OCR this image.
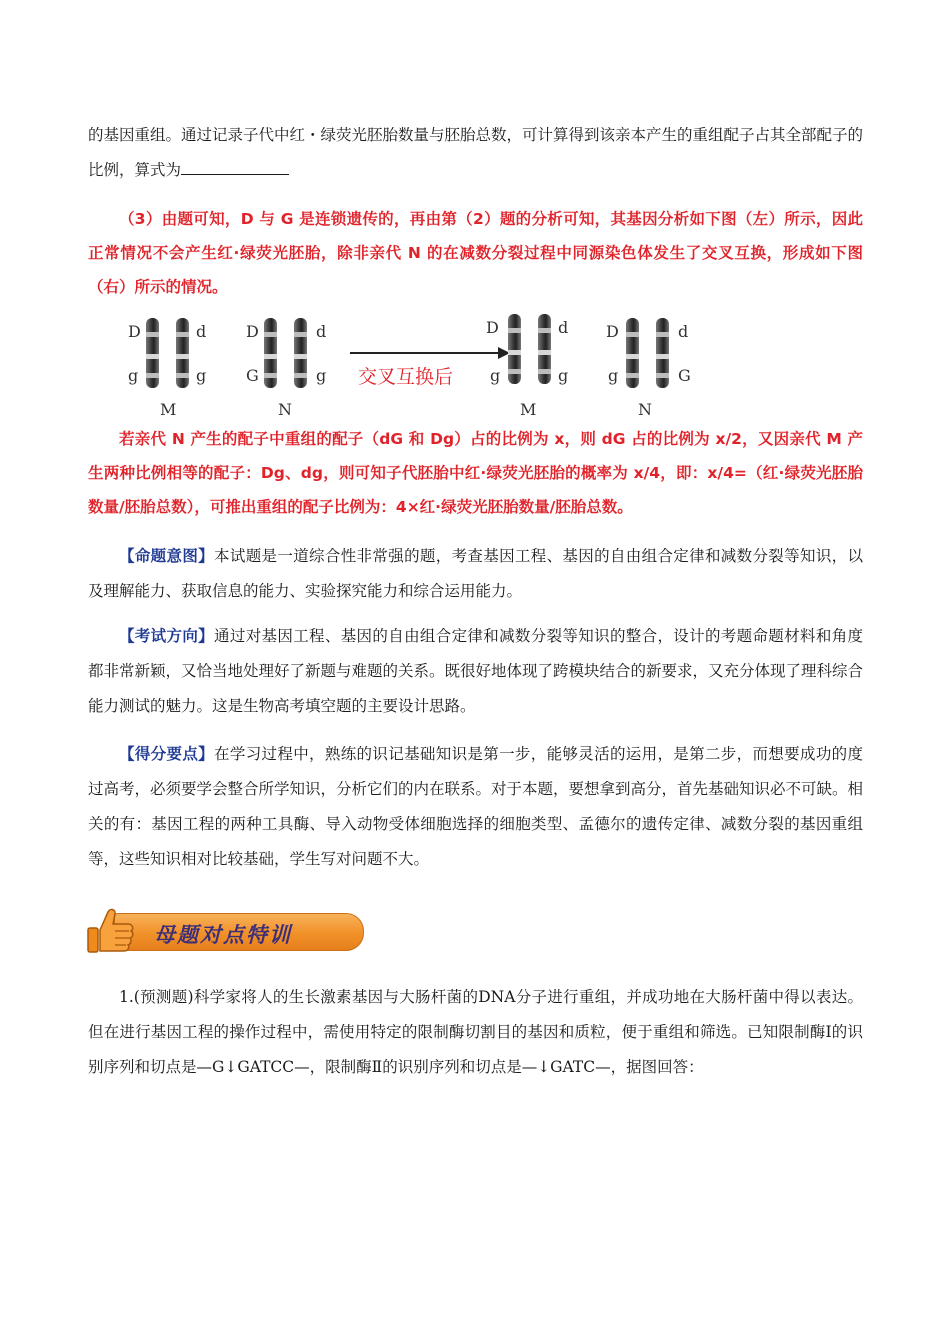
的基因重组。通过记录子代中红・绿荧光胚胎数量与胚胎总数，可计算得到该亲本产生的重组配子占其全部配子的比例，算式为
（3）由题可知，D 与 G 是连锁遗传的，再由第（2）题的分析可知，其基因分析如下图（左）所示，因此正常情况不会产生红·绿荧光胚胎，除非亲代 N 的在减数分裂过程中同源染色体发生了交叉互换，形成如下图（右）所示的情况。
D
g
d
g
M
D
G
d
g
N
交叉互换后
D
g
d
g
M
D
g
d
G
N
若亲代 N 产生的配子中重组的配子（dG 和 Dg）占的比例为 x，则 dG 占的比例为 x/2，又因亲代 M 产生两种比例相等的配子：Dg、dg，则可知子代胚胎中红·绿荧光胚胎的概率为 x/4，即：x/4=（红·绿荧光胚胎数量/胚胎总数），可推出重组的配子比例为：4×红·绿荧光胚胎数量/胚胎总数。
【命题意图】本试题是一道综合性非常强的题，考查基因工程、基因的自由组合定律和减数分裂等知识，以及理解能力、获取信息的能力、实验探究能力和综合运用能力。
【考试方向】通过对基因工程、基因的自由组合定律和减数分裂等知识的整合，设计的考题命题材料和角度都非常新颖，又恰当地处理好了新题与难题的关系。既很好地体现了跨模块结合的新要求，又充分体现了理科综合能力测试的魅力。这是生物高考填空题的主要设计思路。
【得分要点】在学习过程中，熟练的识记基础知识是第一步，能够灵活的运用，是第二步，而想要成功的度过高考，必须要学会整合所学知识，分析它们的内在联系。对于本题，要想拿到高分，首先基础知识必不可缺。相关的有：基因工程的两种工具酶、导入动物受体细胞选择的细胞类型、孟德尔的遗传定律、减数分裂的基因重组等，这些知识相对比较基础，学生写对问题不大。
母题对点特训
1.(预测题)科学家将人的生长激素基因与大肠杆菌的DNA分子进行重组，并成功地在大肠杆菌中得以表达。但在进行基因工程的操作过程中，需使用特定的限制酶切割目的基因和质粒，便于重组和筛选。已知限制酶Ⅰ的识别序列和切点是—G↓GATCC—，限制酶Ⅱ的识别序列和切点是—↓GATC—，据图回答：
